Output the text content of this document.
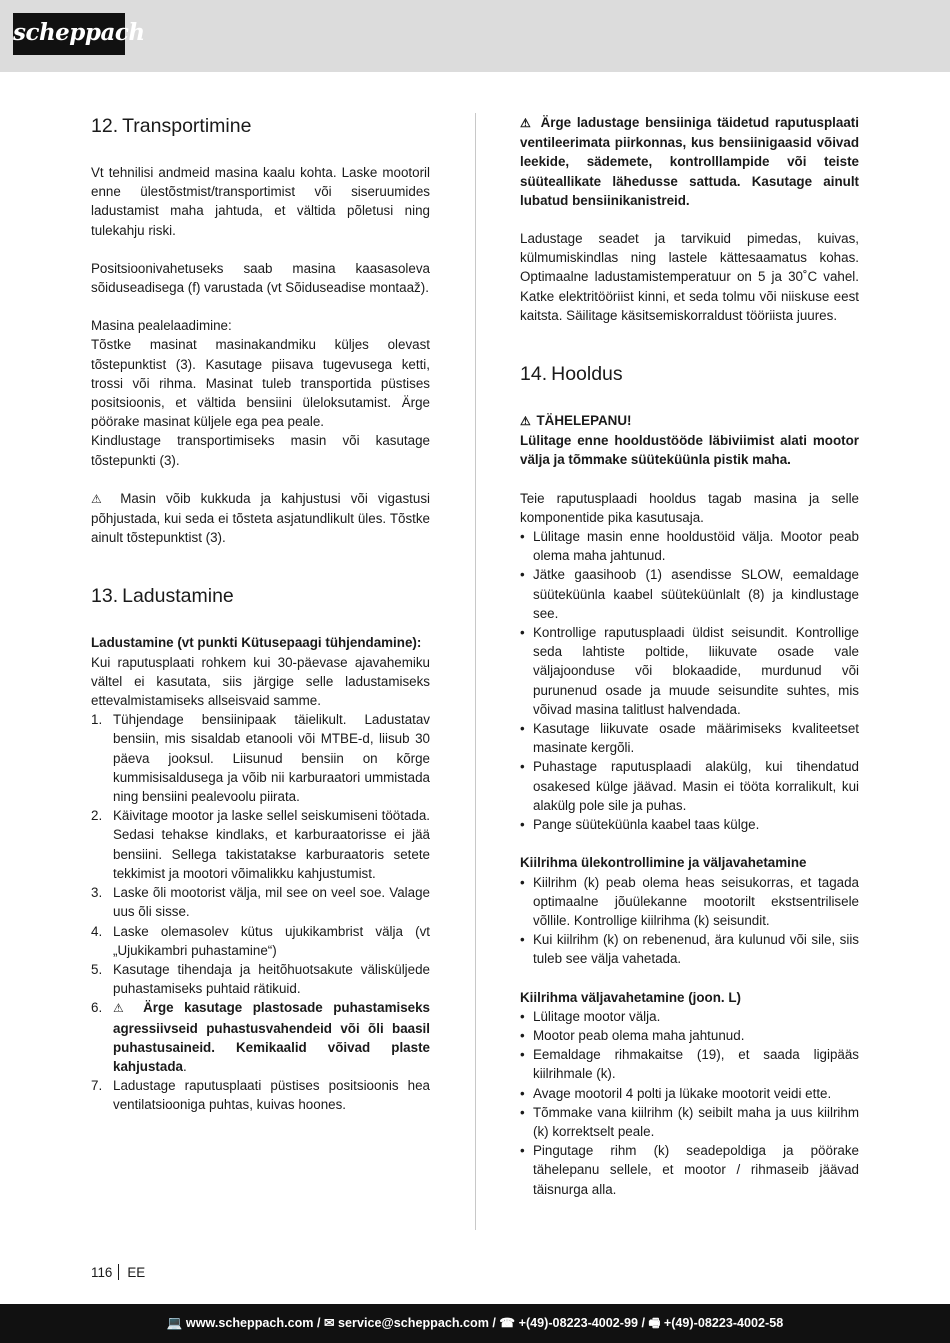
scheppach
12. Transportimine

Vt tehnilisi andmeid masina kaalu kohta. Laske mootoril enne ülestõstmist/transportimist või siseruumides ladustamist maha jahtuda, et vältida põletusi ning tulekahju riski.

Positsioonivahetuseks saab masina kaasasoleva sõiduseadisega (f) varustada (vt Sõiduseadise montaaž).

Masina pealelaadimine:

Tõstke masinat masinakandmiku küljes olevast tõstepunktist (3). Kasutage piisava tugevusega ketti, trossi või rihma. Masinat tuleb transportida püstises positsioonis, et vältida bensiini üleloksutamist. Ärge pöörake masinat küljele ega pea peale.

Kindlustage transportimiseks masin või kasutage tõstepunkti (3).

⚠ Masin võib kukkuda ja kahjustusi või vigastusi põhjustada, kui seda ei tõsteta asjatundlikult üles. Tõstke ainult tõstepunktist (3).

13. Ladustamine

Ladustamine (vt punkti Kütusepaagi tühjendamine):

Kui raputusplaati rohkem kui 30-päevase ajavahemiku vältel ei kasutata, siis järgige selle ladustamiseks ettevalmistamiseks allseisvaid samme.

1. Tühjendage bensiinipaak täielikult. Ladustatav bensiin, mis sisaldab etanooli või MTBE-d, liisub 30 päeva jooksul. Liisunud bensiin on kõrge kummisisaldusega ja võib nii karburaatori ummistada ning bensiini pealevoolu piirata.
2. Käivitage mootor ja laske sellel seiskumiseni töötada. Sedasi tehakse kindlaks, et karburaatorisse ei jää bensiini. Sellega takistatakse karburaatoris setete tekkimist ja mootori võimalikku kahjustumist.
3. Laske õli mootorist välja, mil see on veel soe. Valage uus õli sisse.
4. Laske olemasolev kütus ujukikambrist välja (vt „Ujukikambri puhastamine“)
5. Kasutage tihendaja ja heitõhuotsakute välisküljede puhastamiseks puhtaid rätikuid.
6. ⚠ Ärge kasutage plastosade puhastamiseks agressiivseid puhastusvahendeid või õli baasil puhastusaineid. Kemikaalid võivad plaste kahjustada.
7. Ladustage raputusplaati püstises positsioonis hea ventilatsiooniga puhtas, kuivas hoones.

⚠ Ärge ladustage bensiiniga täidetud raputusplaati ventileerimata piirkonnas, kus bensiinigaasid võivad leekide, sädemete, kontrolllampide või teiste süüteallikate lähedusse sattuda. Kasutage ainult lubatud bensiinikanistreid.

Ladustage seadet ja tarvikuid pimedas, kuivas, külmumiskindlas ning lastele kättesaamatus kohas. Optimaalne ladustamistemperatuur on 5 ja 30˚C vahel. Katke elektritööriist kinni, et seda tolmu või niiskuse eest kaitsta. Säilitage käsitsemiskorraldust tööriista juures.

14. Hooldus

⚠ TÄHELEPANU!

Lülitage enne hooldustööde läbiviimist alati mootor välja ja tõmmake süüteküünla pistik maha.

Teie raputusplaadi hooldus tagab masina ja selle komponentide pika kasutusaja.

• Lülitage masin enne hooldustöid välja. Mootor peab olema maha jahtunud.
• Jätke gaasihoob (1) asendisse SLOW, eemaldage süüteküünla kaabel süüteküünlalt (8) ja kindlustage see.
• Kontrollige raputusplaadi üldist seisundit. Kontrollige seda lahtiste poltide, liikuvate osade vale väljajoonduse või blokaadide, murdunud või purunenud osade ja muude seisundite suhtes, mis võivad masina talitlust halvendada.
• Kasutage liikuvate osade määrimiseks kvaliteetset masinate kergõli.
• Puhastage raputusplaadi alakülg, kui tihendatud osakesed külge jäävad. Masin ei tööta korralikult, kui alakülg pole sile ja puhas.
• Pange süüteküünla kaabel taas külge.

Kiilrihma ülekontrollimine ja väljavahetamine

• Kiilrihm (k) peab olema heas seisukorras, et tagada optimaalne jõuülekanne mootorilt ekstsentrilisele võllile. Kontrollige kiilrihma (k) seisundit.
• Kui kiilrihm (k) on rebenenud, ära kulunud või sile, siis tuleb see välja vahetada.

Kiilrihma väljavahetamine (joon. L)

• Lülitage mootor välja.
• Mootor peab olema maha jahtunud.
• Eemaldage rihmakaitse (19), et saada ligipääs kiilrihmale (k).
• Avage mootoril 4 polti ja lükake mootorit veidi ette.
• Tõmmake vana kiilrihm (k) seibilt maha ja uus kiilrihm (k) korrektselt peale.
• Pingutage rihm (k) seadepoldiga ja pöörake tähelepanu sellele, et mootor / rihmaseib jäävad täisnurga alla.
116 EE
💻 www.scheppach.com / ✉ service@scheppach.com / ☎ +(49)-08223-4002-99 / 🖷 +(49)-08223-4002-58
